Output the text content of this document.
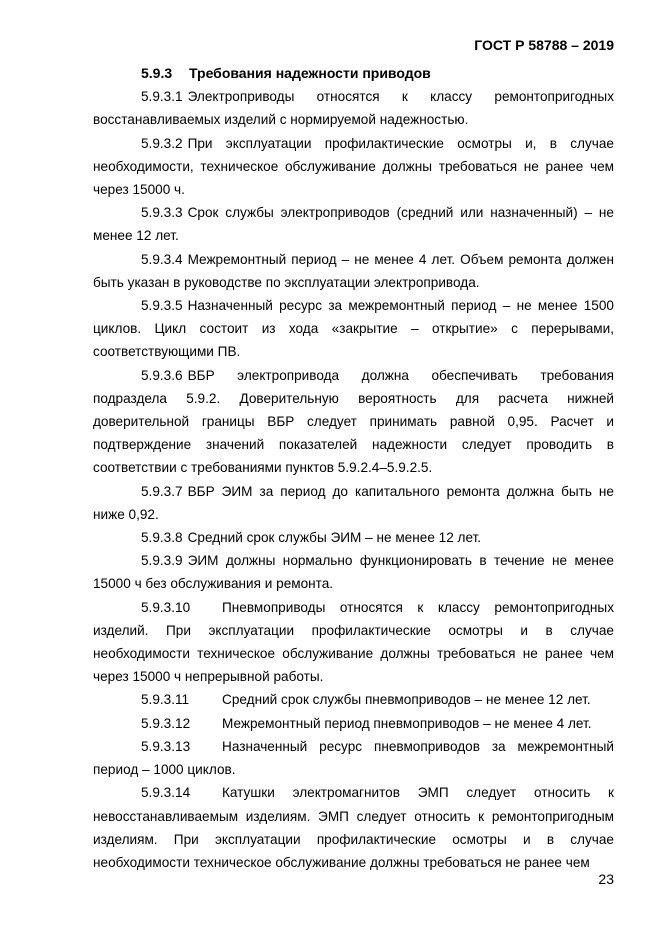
ГОСТ Р 58788 – 2019
5.9.3 Требования надежности приводов

5.9.3.1 Электроприводы относятся к классу ремонтопригодных восстанавливаемых изделий с нормируемой надежностью.

5.9.3.2 При эксплуатации профилактические осмотры и, в случае необходимости, техническое обслуживание должны требоваться не ранее чем через 15000 ч.

5.9.3.3 Срок службы электроприводов (средний или назначенный) – не менее 12 лет.

5.9.3.4 Межремонтный период – не менее 4 лет. Объем ремонта должен быть указан в руководстве по эксплуатации электропривода.

5.9.3.5 Назначенный ресурс за межремонтный период – не менее 1500 циклов. Цикл состоит из хода «закрытие – открытие» с перерывами, соответствующими ПВ.

5.9.3.6 ВБР электропривода должна обеспечивать требования подраздела 5.9.2. Доверительную вероятность для расчета нижней доверительной границы ВБР следует принимать равной 0,95. Расчет и подтверждение значений показателей надежности следует проводить в соответствии с требованиями пунктов 5.9.2.4–5.9.2.5.

5.9.3.7 ВБР ЭИМ за период до капитального ремонта должна быть не ниже 0,92.

5.9.3.8 Средний срок службы ЭИМ – не менее 12 лет.

5.9.3.9 ЭИМ должны нормально функционировать в течение не менее 15000 ч без обслуживания и ремонта.

5.9.3.10 Пневмоприводы относятся к классу ремонтопригодных изделий. При эксплуатации профилактические осмотры и в случае необходимости техническое обслуживание должны требоваться не ранее чем через 15000 ч непрерывной работы.

5.9.3.11 Средний срок службы пневмоприводов – не менее 12 лет.

5.9.3.12 Межремонтный период пневмоприводов – не менее 4 лет.

5.9.3.13 Назначенный ресурс пневмоприводов за межремонтный период – 1000 циклов.

5.9.3.14 Катушки электромагнитов ЭМП следует относить к невосстанавливаемым изделиям. ЭМП следует относить к ремонтопригодным изделиям. При эксплуатации профилактические осмотры и в случае необходимости техническое обслуживание должны требоваться не ранее чем

23
